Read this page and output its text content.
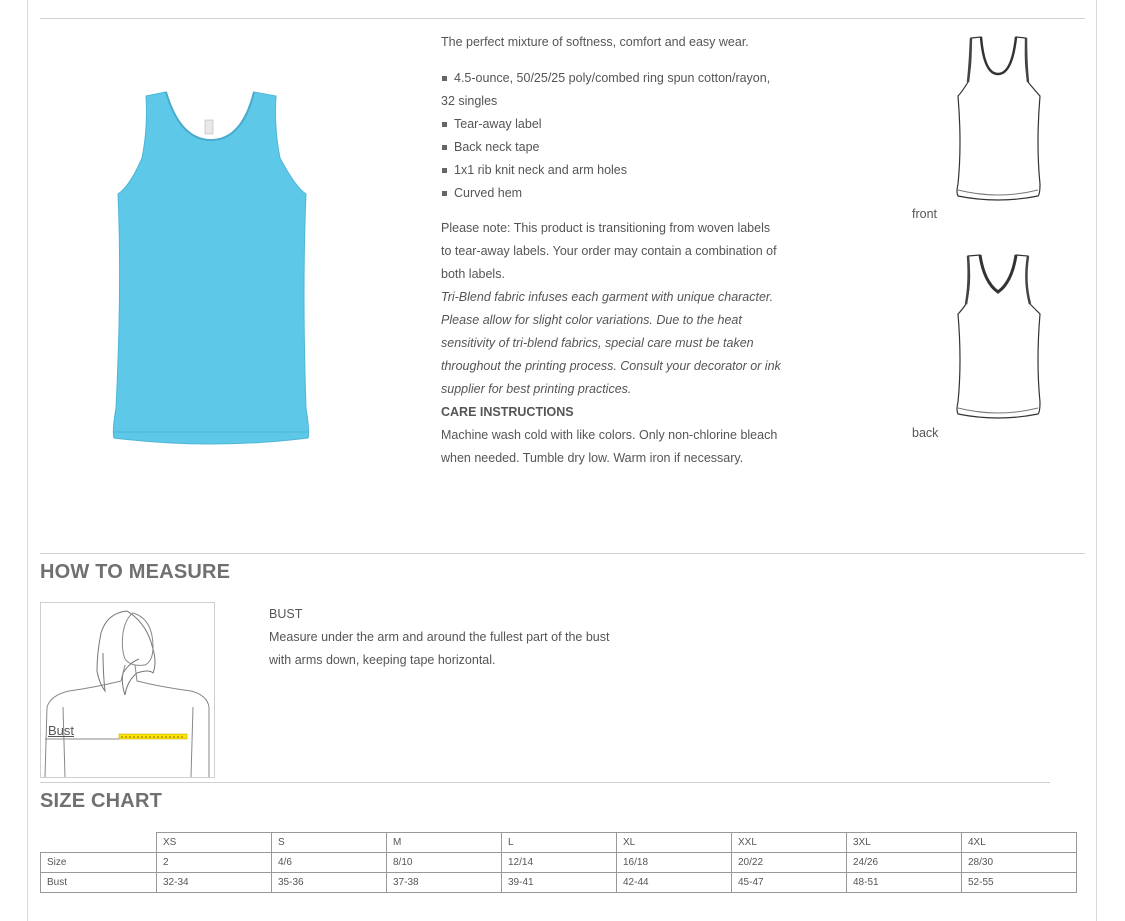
The perfect mixture of softness, comfort and easy wear.

4.5-ounce, 50/25/25 poly/combed ring spun cotton/rayon,
32 singles
Tear-away label
Back neck tape
1x1 rib knit neck and arm holes
Curved hem
Please note: This product is transitioning from woven labels
to tear-away labels. Your order may contain a combination of
both labels.
Tri-Blend fabric infuses each garment with unique character.
Please allow for slight color variations. Due to the heat
sensitivity of tri-blend fabrics, special care must be taken
throughout the printing process. Consult your decorator or ink
supplier for best printing practices.
CARE INSTRUCTIONS
Machine wash cold with like colors. Only non-chlorine bleach
when needed. Tumble dry low. Warm iron if necessary.
front
back
HOW TO MEASURE
Bust
BUST
Measure under the arm and around the fullest part of the bust
with arms down, keeping tape horizontal.
SIZE CHART
	XS	S	M	L	XL	XXL	3XL	4XL
Size	2	4/6	8/10	12/14	16/18	20/22	24/26	28/30
Bust	32-34	35-36	37-38	39-41	42-44	45-47	48-51	52-55
